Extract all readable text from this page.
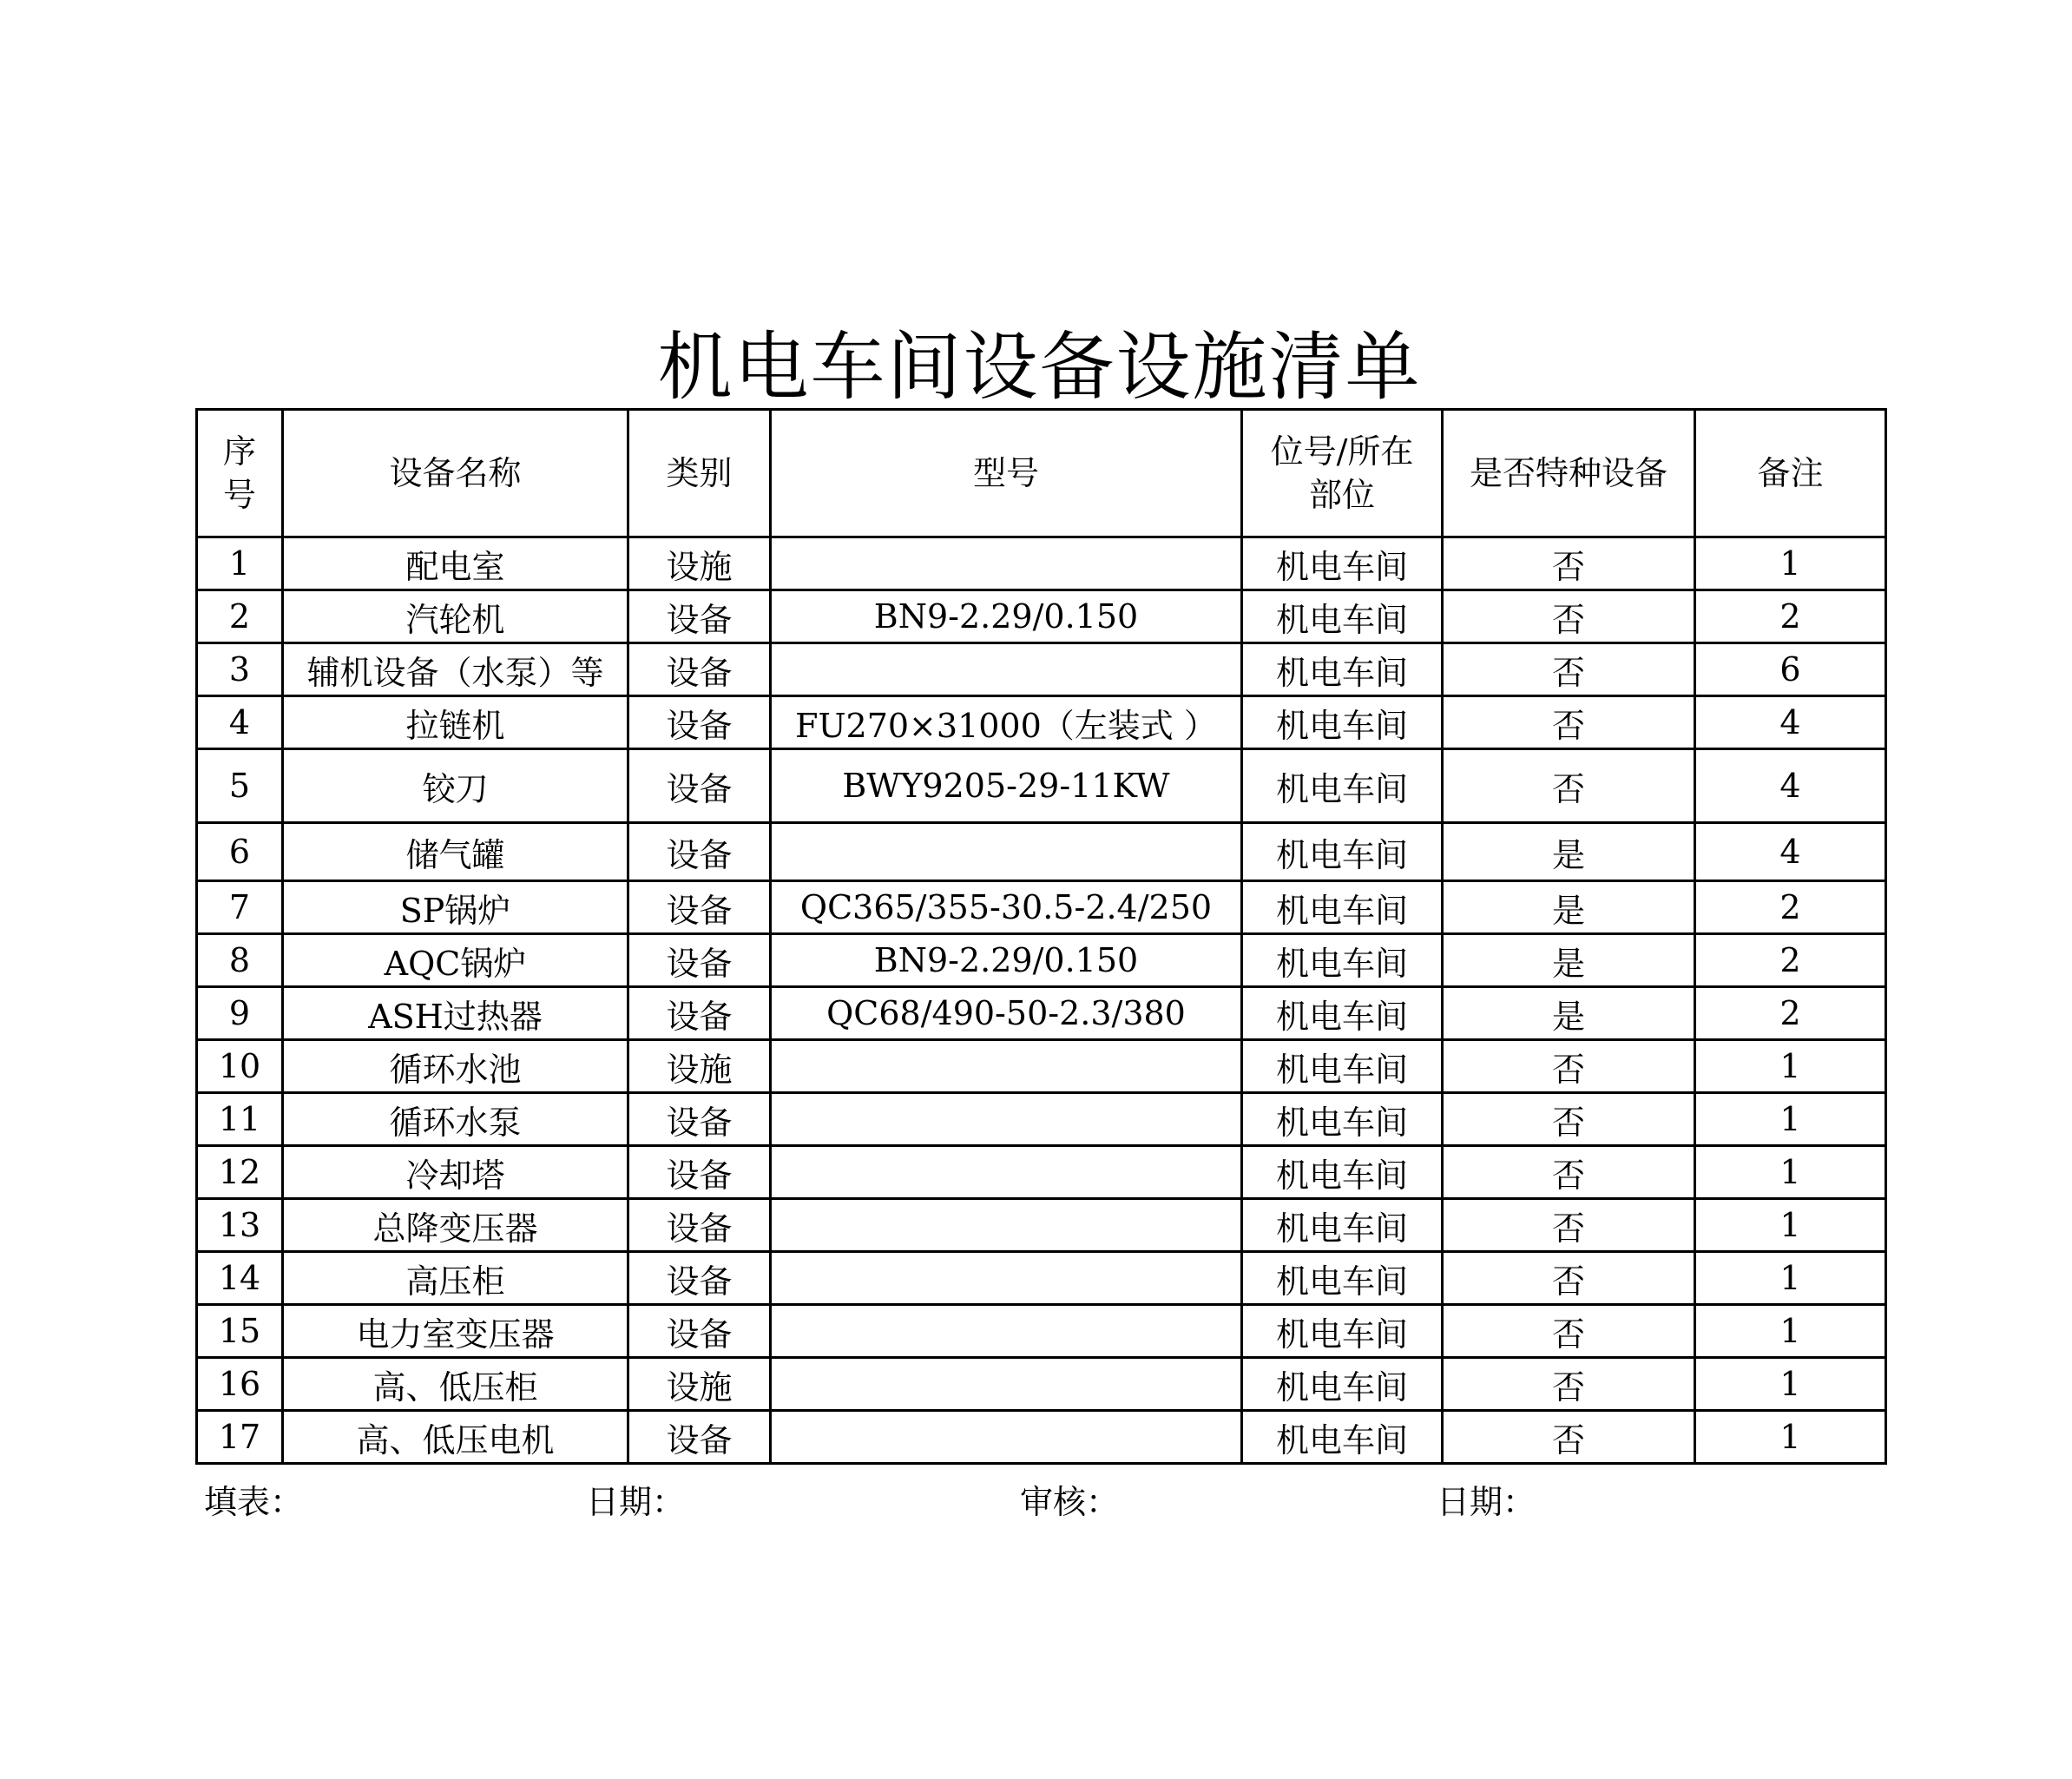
机电车间设备设施清单
序号	设备名称	类别	型号	位号/所在部位	是否特种设备	备注
1	配电室	设施		机电车间	否	1
2	汽轮机	设备	BN9-2.29/0.150	机电车间	否	2
3	辅机设备（水泵）等	设备		机电车间	否	6
4	拉链机	设备	FU270×31000（左装式 ）	机电车间	否	4
5	铰刀	设备	BWY9205-29-11KW	机电车间	否	4
6	储气罐	设备		机电车间	是	4
7	SP锅炉	设备	QC365/355-30.5-2.4/250	机电车间	是	2
8	AQC锅炉	设备	BN9-2.29/0.150	机电车间	是	2
9	ASH过热器	设备	QC68/490-50-2.3/380	机电车间	是	2
10	循环水池	设施		机电车间	否	1
11	循环水泵	设备		机电车间	否	1
12	冷却塔	设备		机电车间	否	1
13	总降变压器	设备		机电车间	否	1
14	高压柜	设备		机电车间	否	1
15	电力室变压器	设备		机电车间	否	1
16	高、低压柜	设施		机电车间	否	1
17	高、低压电机	设备		机电车间	否	1
填表：	日期：	审核：	日期：
